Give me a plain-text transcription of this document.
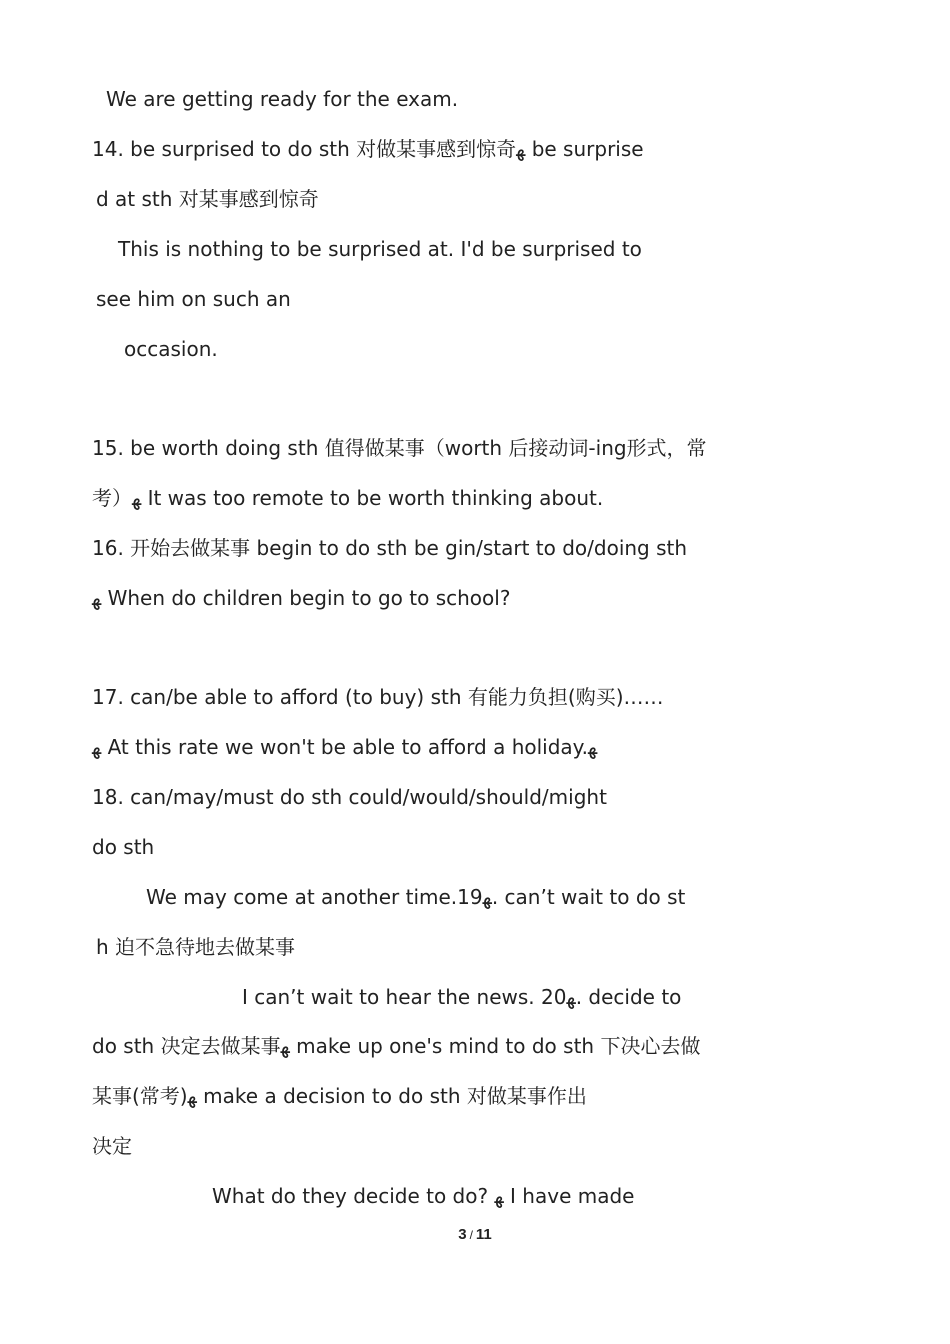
We are getting ready for the exam.
14. be surprised to do sth 对做某事感到惊奇ﻬ be surprise
d at sth 对某事感到惊奇
This is nothing to be surprised at. I'd be surprised to
see him on such an
occasion.
15. be worth doing sth 值得做某事（worth 后接动词-ing形式，常
考）ﻬ It was too remote to be worth thinking about.
16. 开始去做某事 begin to do sth be gin/start to do/doing sth
ﻬ When do children begin to go to school?
17. can/be able to afford (to buy) sth 有能力负担(购买)……
ﻬ At this rate we won't be able to afford a holiday.ﻬ
18. can/may/must do sth could/would/should/might
do sth
We may come at another time.19ﻬ. can’t wait to do st
h 迫不急待地去做某事
I can’t wait to hear the news. 20ﻬ. decide to
do sth 决定去做某事ﻬ make up one's mind to do sth 下决心去做
某事(常考)ﻬ make a decision to do sth 对做某事作出
决定
What do they decide to do? ﻬ I have made
3 / 11
